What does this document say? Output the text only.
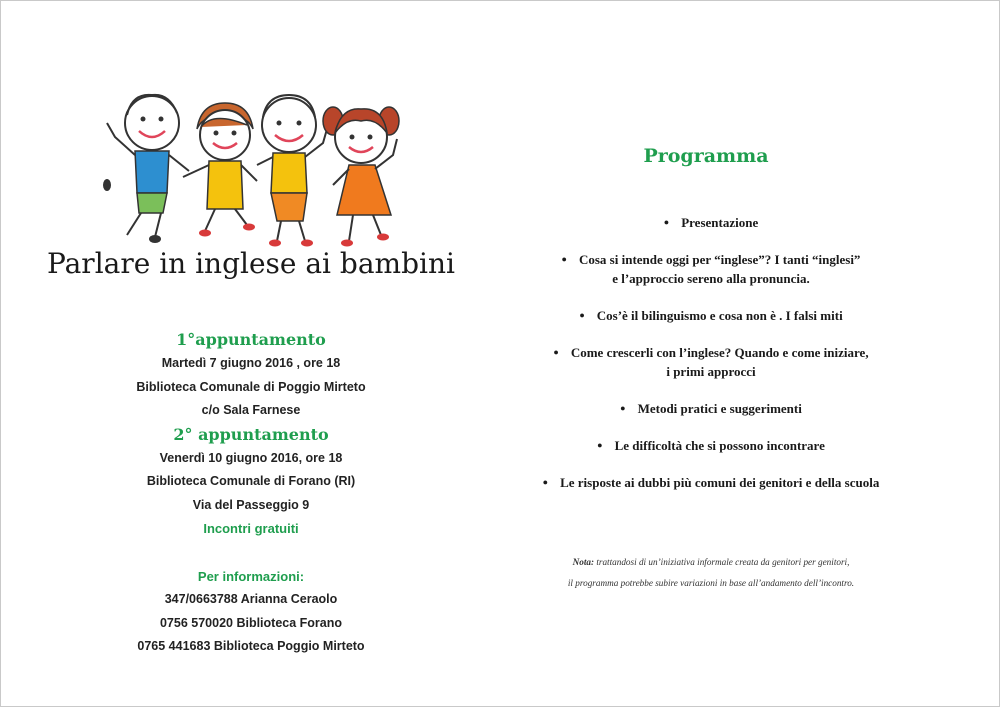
Parlare in inglese ai bambini

1°appuntamento

Martedì 7 giugno 2016 , ore 18

Biblioteca Comunale di Poggio Mirteto

c/o Sala Farnese

2° appuntamento

Venerdì 10 giugno 2016, ore 18

Biblioteca Comunale di Forano (RI)

Via del Passeggio 9

Incontri gratuiti

Per informazioni:

347/0663788 Arianna Ceraolo

0756 570020 Biblioteca Forano

0765 441683 Biblioteca Poggio Mirteto

Programma
● Presentazione
● Cosa si intende oggi per “inglese”? I tanti “inglesi”
e l’approccio sereno alla pronuncia.
● Cos’è il bilinguismo e cosa non è . I falsi miti
● Come crescerli con l’inglese? Quando e come iniziare,
i primi approcci
● Metodi pratici e suggerimenti
● Le difficoltà che si possono incontrare
● Le risposte ai dubbi più comuni dei genitori e della scuola
Nota: trattandosi di un’iniziativa informale creata da genitori per genitori,
il programma potrebbe subire variazioni in base all’andamento dell’incontro.
